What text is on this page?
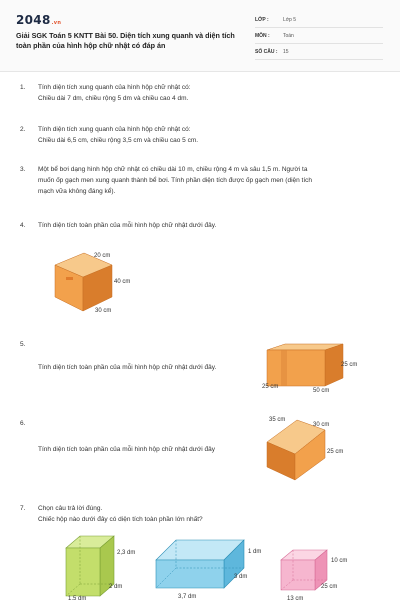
2048.vn
Giải SGK Toán 5 KNTT Bài 50. Diện tích xung quanh và diện tích toàn phần của hình hộp chữ nhật có đáp án
LỚP :	Lớp 5
MÔN :	Toán
SỐ CÂU : 15
1. Tính diện tích xung quanh của hình hộp chữ nhật có:
Chiều dài 7 dm, chiều rộng 5 dm và chiều cao 4 dm.
2. Tính diện tích xung quanh của hình hộp chữ nhật có:
Chiều dài 6,5 cm, chiều rộng 3,5 cm và chiều cao 5 cm.
3. Một bể bơi dạng hình hộp chữ nhật có chiều dài 10 m, chiều rộng 4 m và sâu 1,5 m. Người ta
muốn ốp gạch men xung quanh thành bể bơi. Tính phần diện tích được ốp gạch men (diện tích
mạch vữa không đáng kể).
4. Tính diện tích toàn phần của mỗi hình hộp chữ nhật dưới đây.
20 cm
40 cm
30 cm
5.
Tính diện tích toàn phần của mỗi hình hộp chữ nhật dưới đây.	25 cm
25 cm
50 cm
6.
Tính diện tích toàn phần của mỗi hình hộp chữ nhật dưới đây
35 cm
30 cm
25 cm
7. Chọn câu trả lời đúng.
Chiếc hộp nào dưới đây có diện tích toàn phần lớn nhất?
2,3 dm
2 dm
1,5 dm
1 dm
3 dm
3,7 dm
10 cm
25 cm
13 cm
